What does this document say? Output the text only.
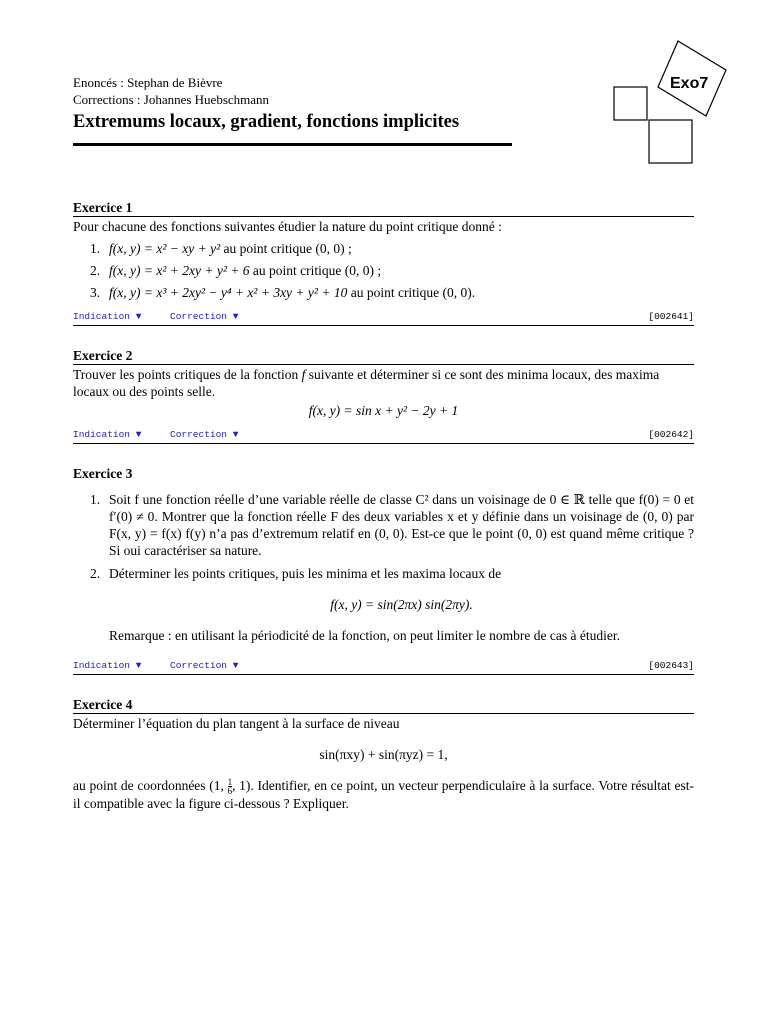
Enoncés : Stephan de Bièvre
Corrections : Johannes Huebschmann
Extremums locaux, gradient, fonctions implicites
Exo7
Exercice 1
Pour chacune des fonctions suivantes étudier la nature du point critique donné :
1. f(x, y) = x² − xy + y² au point critique (0, 0) ;
2. f(x, y) = x² + 2xy + y² + 6 au point critique (0, 0) ;
3. f(x, y) = x³ + 2xy² − y⁴ + x² + 3xy + y² + 10 au point critique (0, 0).
Indication ▼	Correction ▼	[002641]
Exercice 2
Trouver les points critiques de la fonction f suivante et déterminer si ce sont des minima locaux, des maxima locaux ou des points selle.
f(x, y) = sin x + y² − 2y + 1
Indication ▼	Correction ▼	[002642]
Exercice 3
1. Soit f une fonction réelle d’une variable réelle de classe C² dans un voisinage de 0 ∈ ℝ telle que f(0) = 0 et f′(0) ≠ 0. Montrer que la fonction réelle F des deux variables x et y définie dans un voisinage de (0, 0) par F(x, y) = f(x) f(y) n’a pas d’extremum relatif en (0, 0). Est-ce que le point (0, 0) est quand même critique ? Si oui caractériser sa nature.
2. Déterminer les points critiques, puis les minima et les maxima locaux de
f(x, y) = sin(2πx) sin(2πy).
Remarque : en utilisant la périodicité de la fonction, on peut limiter le nombre de cas à étudier.
Indication ▼	Correction ▼	[002643]
Exercice 4
Déterminer l’équation du plan tangent à la surface de niveau
sin(πxy) + sin(πyz) = 1,
au point de coordonnées (1, $\frac{1}{6}$ , 1). Identifier, en ce point, un vecteur perpendiculaire à la surface. Votre résultat est-il compatible avec la figure ci-dessous ? Expliquer.
